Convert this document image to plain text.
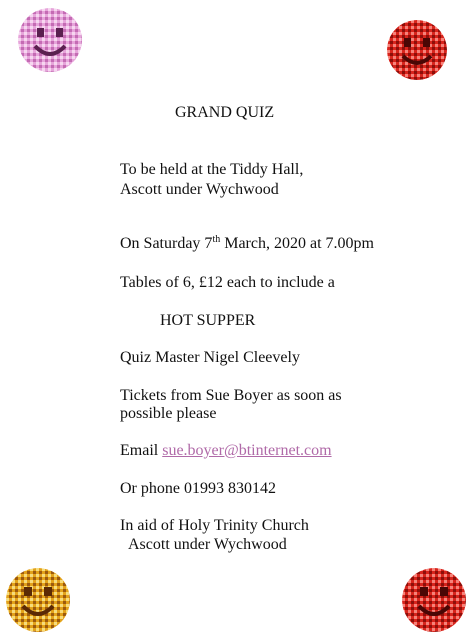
GRAND QUIZ

To be held at the Tiddy Hall,

Ascott under Wychwood

On Saturday 7th March, 2020 at 7.00pm

Tables of 6, £12 each to include a

HOT SUPPER

Quiz Master Nigel Cleevely

Tickets from Sue Boyer as soon as

possible please

Email sue.boyer@btinternet.com

Or phone 01993 830142

In aid of Holy Trinity Church

Ascott under Wychwood
